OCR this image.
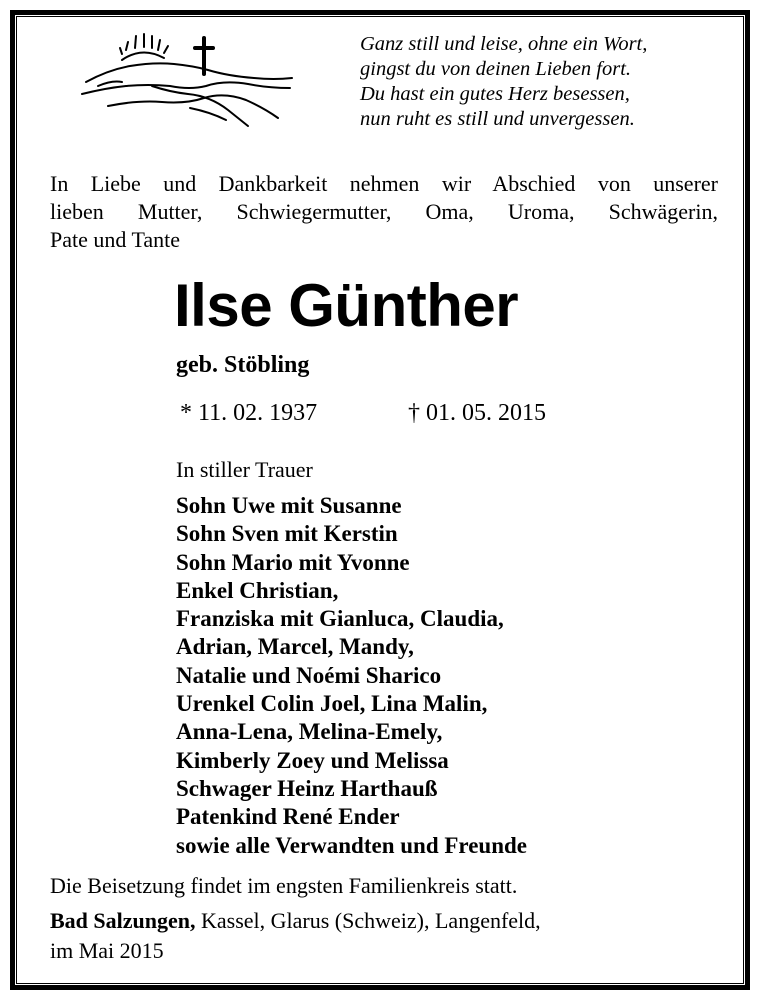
Ganz still und leise, ohne ein Wort,
gingst du von deinen Lieben fort.
Du hast ein gutes Herz besessen,
nun ruht es still und unvergessen.
In Liebe und Dankbarkeit nehmen wir Abschied von unserer
lieben Mutter, Schwiegermutter, Oma, Uroma, Schwägerin,
Pate und Tante
Ilse Günther
geb. Stöbling
* 11. 02. 1937	† 01. 05. 2015
In stiller Trauer
Sohn Uwe mit Susanne
Sohn Sven mit Kerstin
Sohn Mario mit Yvonne
Enkel Christian,
Franziska mit Gianluca, Claudia,
Adrian, Marcel, Mandy,
Natalie und Noémi Sharico
Urenkel Colin Joel, Lina Malin,
Anna-Lena, Melina-Emely,
Kimberly Zoey und Melissa
Schwager Heinz Harthauß
Patenkind René Ender
sowie alle Verwandten und Freunde
Die Beisetzung findet im engsten Familienkreis statt.
Bad Salzungen, Kassel, Glarus (Schweiz), Langenfeld,
im Mai 2015
